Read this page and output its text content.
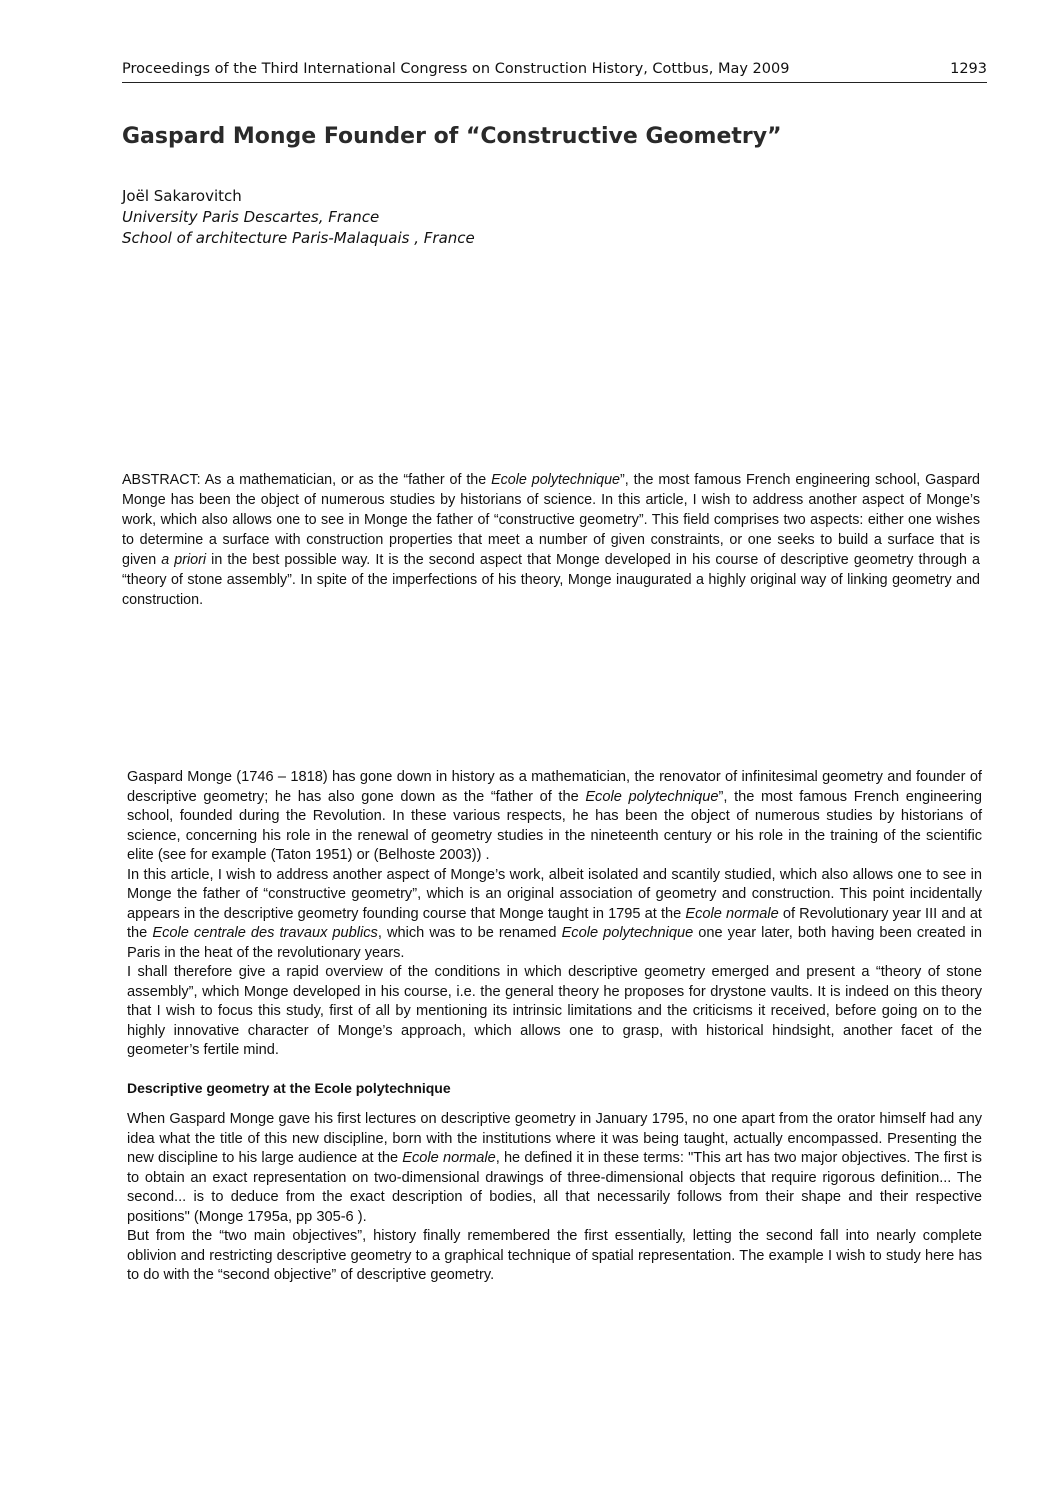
Proceedings of the Third International Congress on Construction History, Cottbus, May 2009	1293
Gaspard Monge Founder of “Constructive Geometry”
Joël Sakarovitch
University Paris Descartes, France
School of architecture Paris-Malaquais , France

ABSTRACT: As a mathematician, or as the “father of the Ecole polytechnique”, the most famous French engineering school, Gaspard Monge has been the object of numerous studies by historians of science. In this article, I wish to address another aspect of Monge’s work, which also allows one to see in Monge the father of “constructive geometry”. This field comprises two aspects: either one wishes to determine a surface with construction properties that meet a number of given constraints, or one seeks to build a surface that is given a priori in the best possible way. It is the second aspect that Monge developed in his course of descriptive geometry through a “theory of stone assembly”. In spite of the imperfections of his theory, Monge inaugurated a highly original way of linking geometry and construction.

Gaspard Monge (1746 – 1818) has gone down in history as a mathematician, the renovator of infinitesimal geometry and founder of descriptive geometry; he has also gone down as the “father of the Ecole polytechnique”, the most famous French engineering school, founded during the Revolution. In these various respects, he has been the object of numerous studies by historians of science, concerning his role in the renewal of geometry studies in the nineteenth century or his role in the training of the scientific elite (see for example (Taton 1951) or (Belhoste 2003)) .

In this article, I wish to address another aspect of Monge’s work, albeit isolated and scantily studied, which also allows one to see in Monge the father of “constructive geometry”, which is an original association of geometry and construction. This point incidentally appears in the descriptive geometry founding course that Monge taught in 1795 at the Ecole normale of Revolutionary year III and at the Ecole centrale des travaux publics, which was to be renamed Ecole polytechnique one year later, both having been created in Paris in the heat of the revolutionary years.

I shall therefore give a rapid overview of the conditions in which descriptive geometry emerged and present a “theory of stone assembly”, which Monge developed in his course, i.e. the general theory he proposes for drystone vaults. It is indeed on this theory that I wish to focus this study, first of all by mentioning its intrinsic limitations and the criticisms it received, before going on to the highly innovative character of Monge’s approach, which allows one to grasp, with historical hindsight, another facet of the geometer’s fertile mind.

Descriptive geometry at the Ecole polytechnique

When Gaspard Monge gave his first lectures on descriptive geometry in January 1795, no one apart from the orator himself had any idea what the title of this new discipline, born with the institutions where it was being taught, actually encompassed. Presenting the new discipline to his large audience at the Ecole normale, he defined it in these terms: "This art has two major objectives. The first is to obtain an exact representation on two-dimensional drawings of three-dimensional objects that require rigorous definition... The second... is to deduce from the exact description of bodies, all that necessarily follows from their shape and their respective positions" (Monge 1795a, pp 305-6 ).

But from the “two main objectives”, history finally remembered the first essentially, letting the second fall into nearly complete oblivion and restricting descriptive geometry to a graphical technique of spatial representation. The example I wish to study here has to do with the “second objective” of descriptive geometry.
